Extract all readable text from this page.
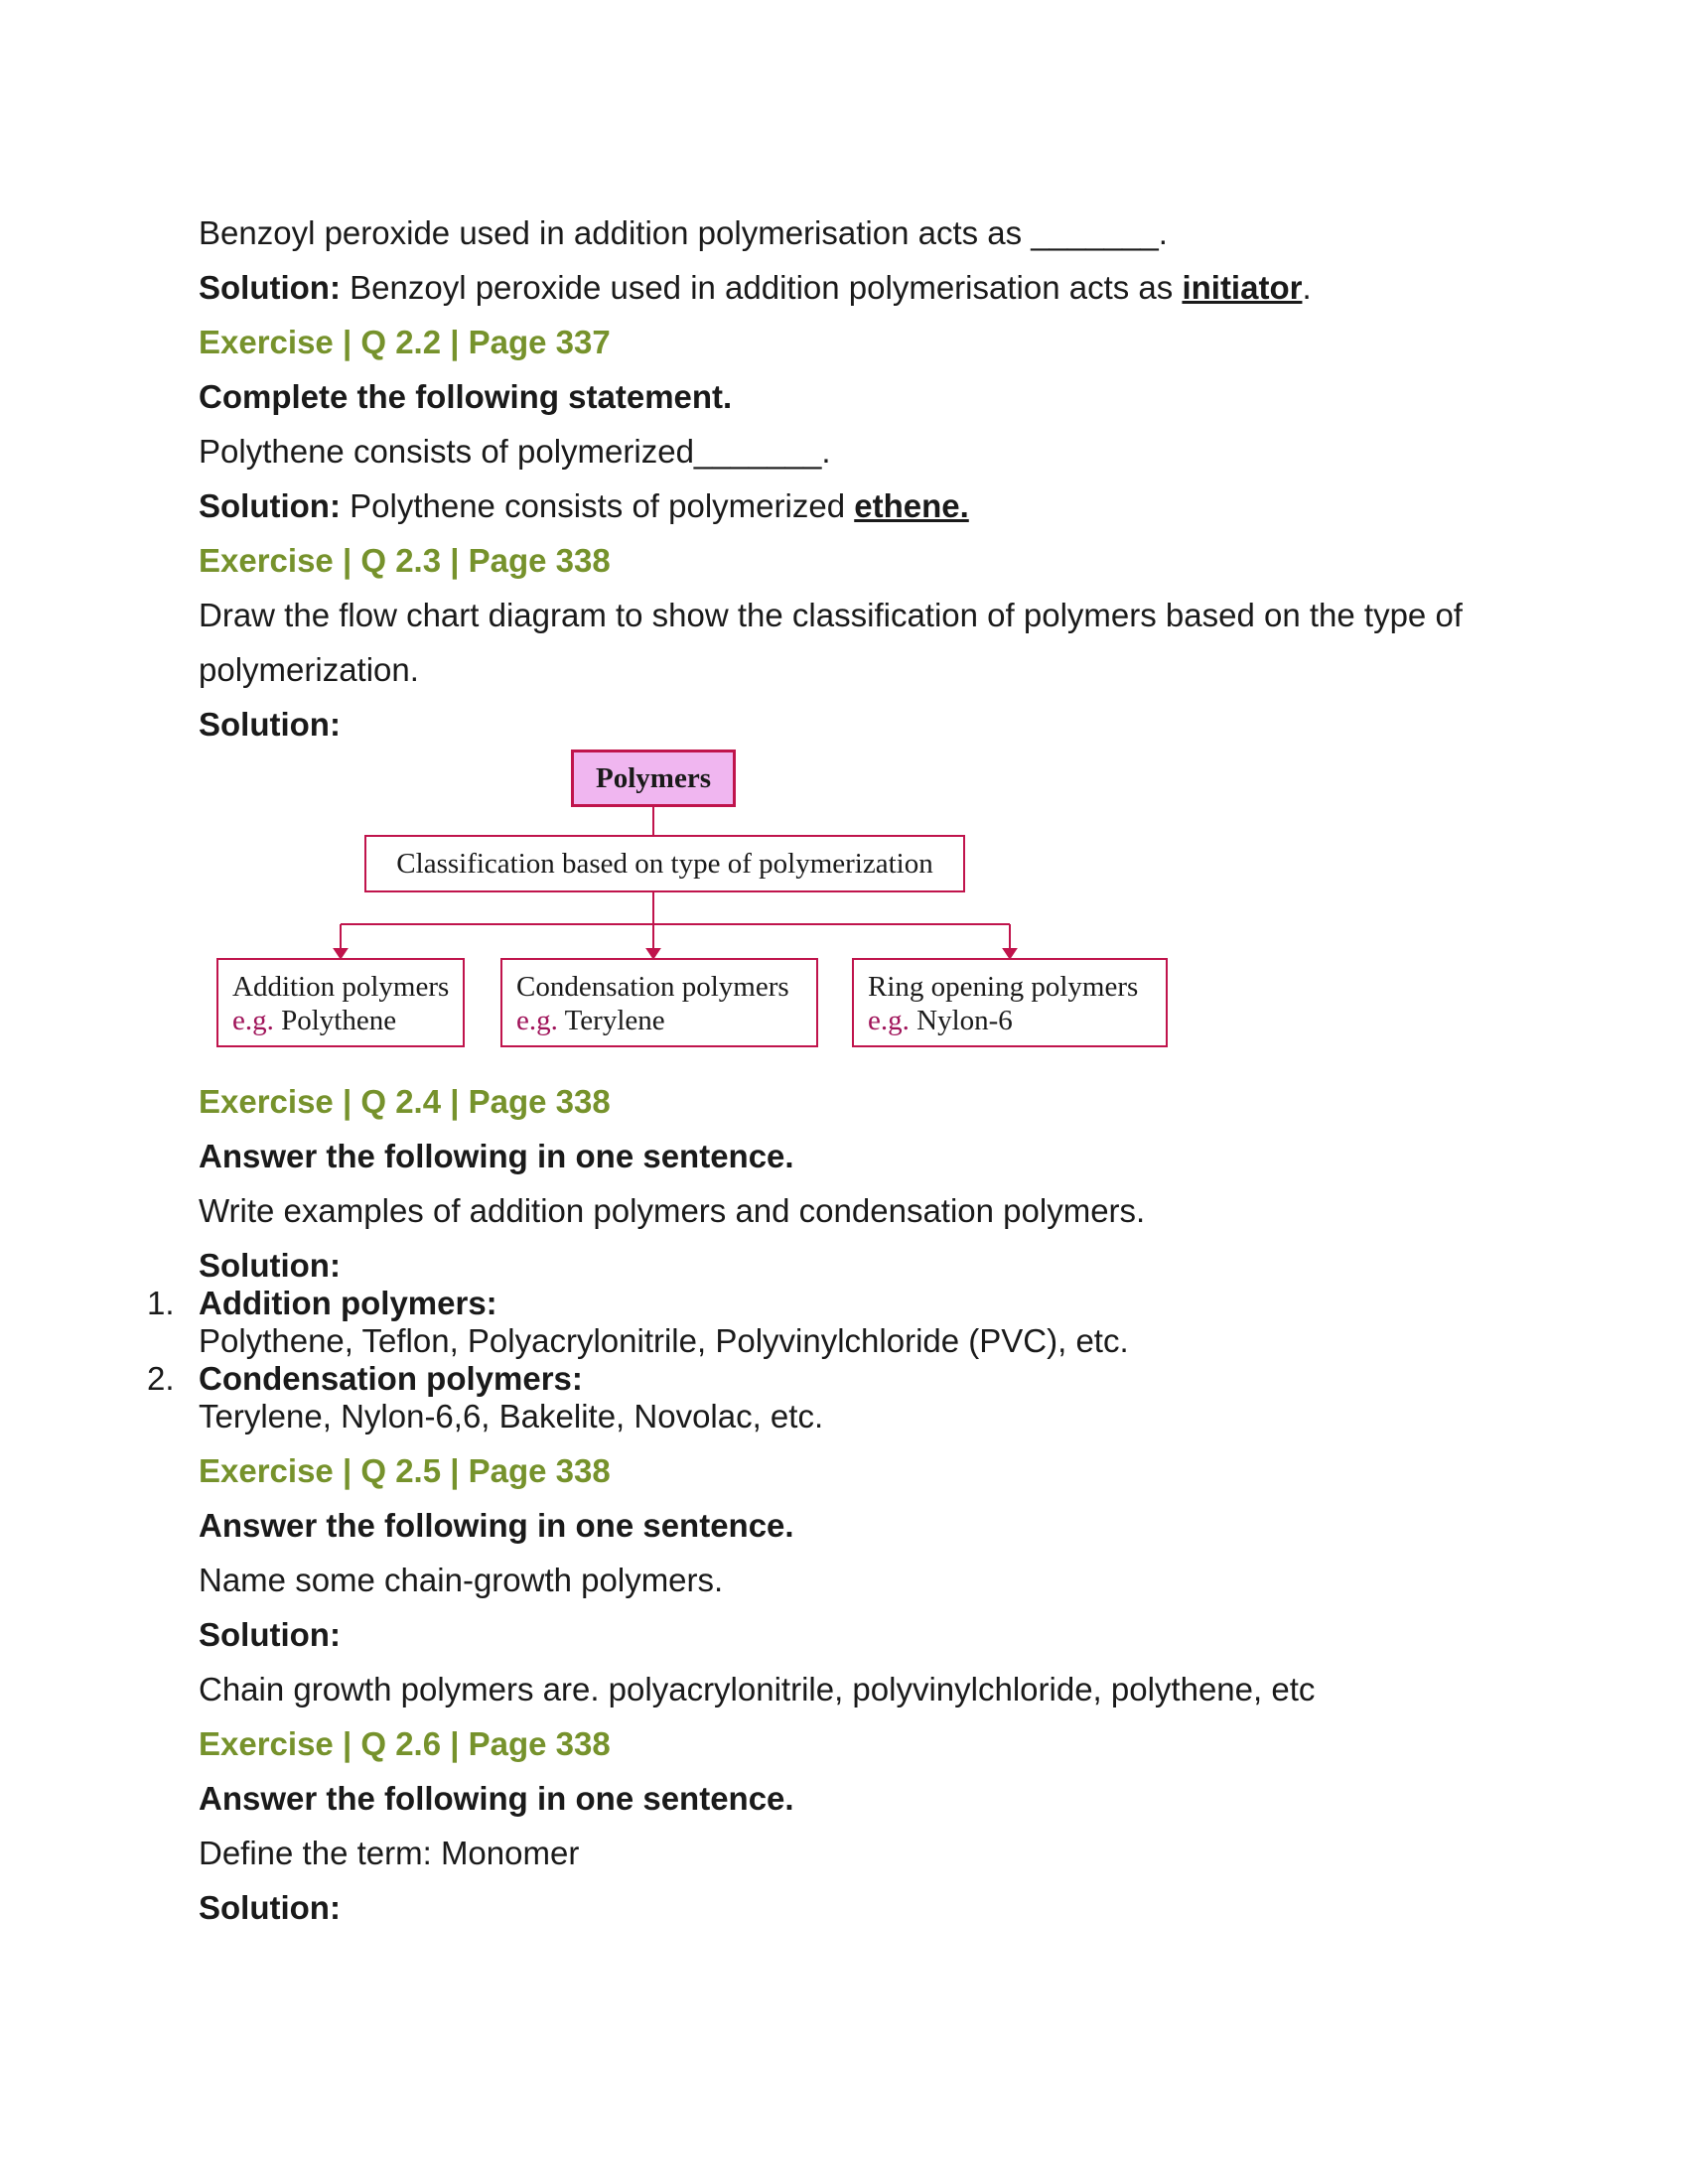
Benzoyl peroxide used in addition polymerisation acts as _______.
Solution: Benzoyl peroxide used in addition polymerisation acts as initiator.
Exercise | Q 2.2 | Page 337
Complete the following statement.
Polythene consists of polymerized_______.
Solution: Polythene consists of polymerized ethene.
Exercise | Q 2.3 | Page 338
Draw the flow chart diagram to show the classification of polymers based on the type of
polymerization.
Solution:
Polymers
Classification based on type of polymerization
Addition polymers
e.g. Polythene
Condensation polymers
e.g. Terylene
Ring opening polymers
e.g. Nylon-6
Exercise | Q 2.4 | Page 338
Answer the following in one sentence.
Write examples of addition polymers and condensation polymers.
Solution:
1. Addition polymers:
Polythene, Teflon, Polyacrylonitrile, Polyvinylchloride (PVC), etc.
2. Condensation polymers:
Terylene, Nylon-6,6, Bakelite, Novolac, etc.
Exercise | Q 2.5 | Page 338
Answer the following in one sentence.
Name some chain-growth polymers.
Solution:
Chain growth polymers are. polyacrylonitrile, polyvinylchloride, polythene, etc
Exercise | Q 2.6 | Page 338
Answer the following in one sentence.
Define the term: Monomer
Solution:
